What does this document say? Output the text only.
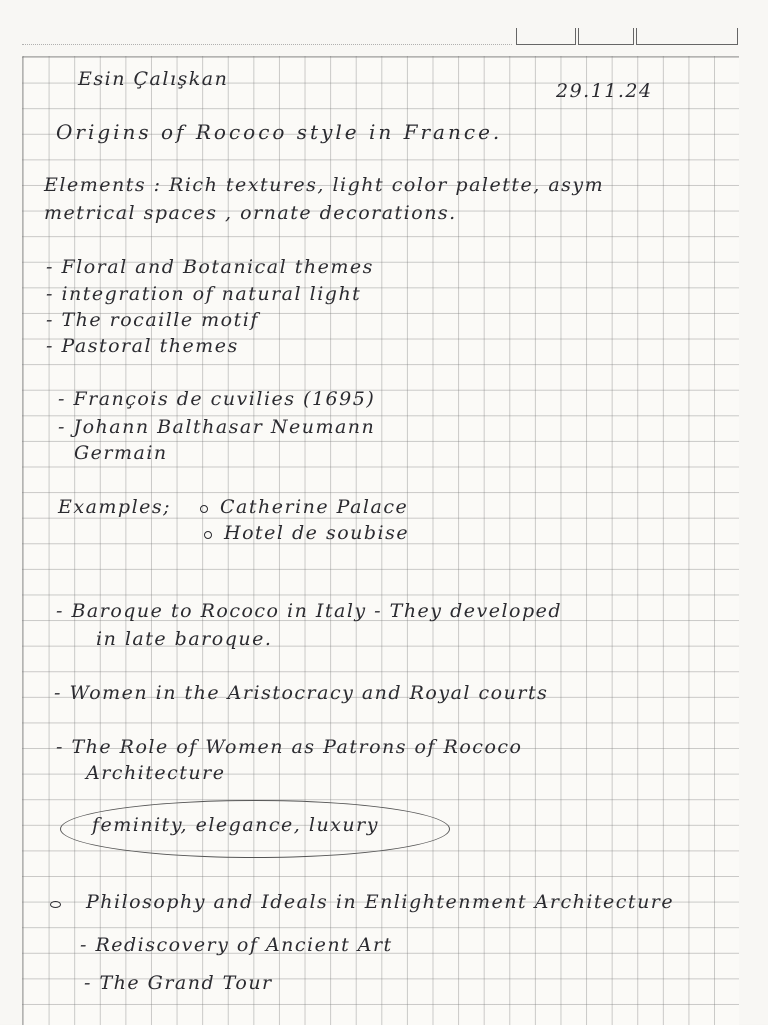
Esin Çalışkan
29.11.24
Origins of Rococo style in France.
Elements : Rich textures, light color palette, asym
metrical spaces , ornate decorations.
- Floral and Botanical themes
- integration of natural light
- The rocaille motif
- Pastoral themes
- François de cuvilies (1695)
- Johann Balthasar Neumann
Germain
Examples;	Catherine Palace
Hotel de soubise
- Baroque to Rococo in Italy - They developed
in late baroque.
- Women in the Aristocracy and Royal courts
- The Role of Women as Patrons of Rococo
Architecture
feminity, elegance, luxury
Philosophy and Ideals in Enlightenment Architecture
- Rediscovery of Ancient Art
- The Grand Tour
